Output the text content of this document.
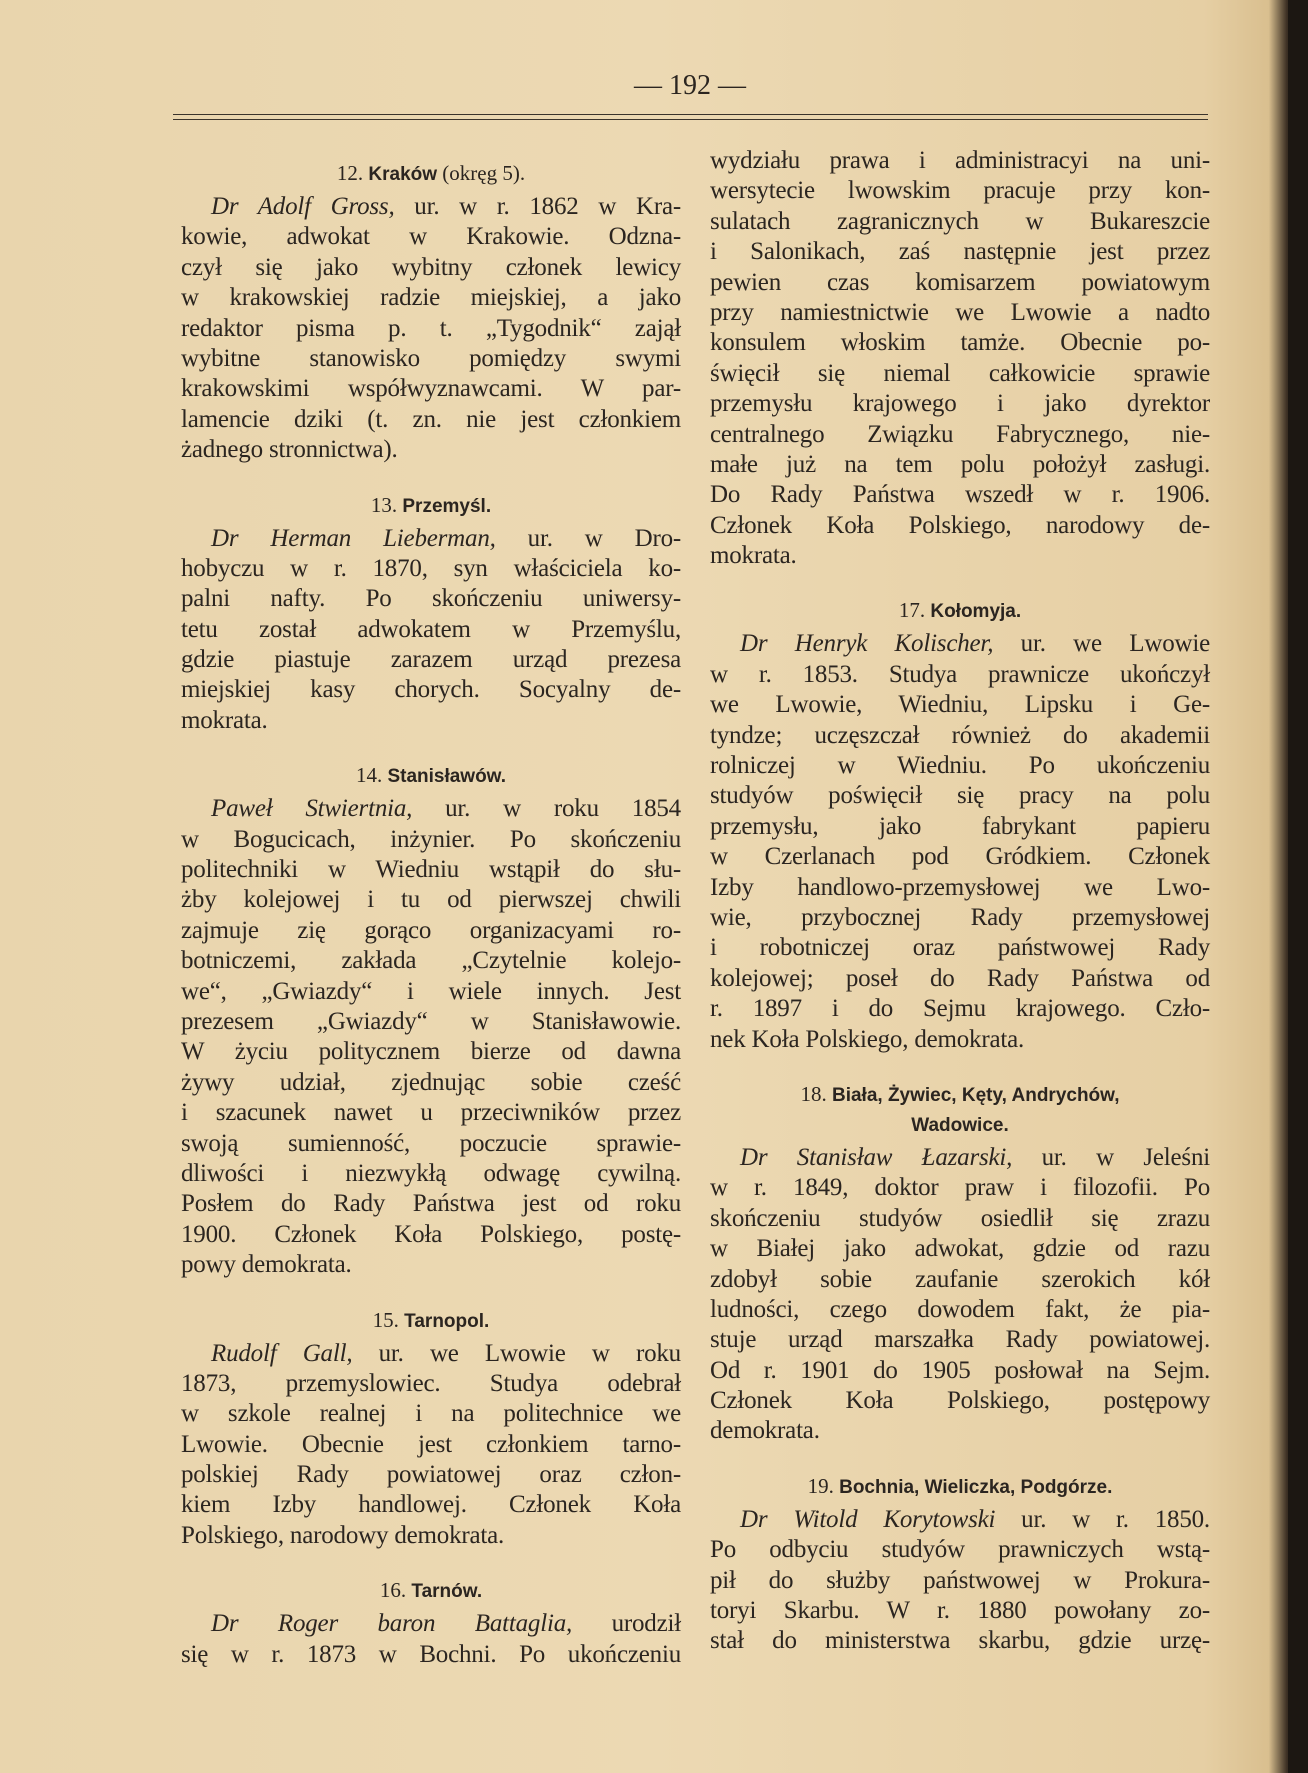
— 192 —
12. Kraków (okręg 5).
Dr Adolf Gross, ur. w r. 1862 w Kra-
kowie, adwokat w Krakowie. Odzna-
czył się jako wybitny członek lewicy
w krakowskiej radzie miejskiej, a jako
redaktor pisma p. t. „Tygodnik“ zajął
wybitne stanowisko pomiędzy swymi
krakowskimi współwyznawcami. W par-
lamencie dziki (t. zn. nie jest członkiem
żadnego stronnictwa).
13. Przemyśl.
Dr Herman Lieberman, ur. w Dro-
hobyczu w r. 1870, syn właściciela ko-
palni nafty. Po skończeniu uniwersy-
tetu został adwokatem w Przemyślu,
gdzie piastuje zarazem urząd prezesa
miejskiej kasy chorych. Socyalny de-
mokrata.
14. Stanisławów.
Paweł Stwiertnia, ur. w roku 1854
w Bogucicach, inżynier. Po skończeniu
politechniki w Wiedniu wstąpił do słu-
żby kolejowej i tu od pierwszej chwili
zajmuje zię gorąco organizacyami ro-
botniczemi, zakłada „Czytelnie kolejo-
we“, „Gwiazdy“ i wiele innych. Jest
prezesem „Gwiazdy“ w Stanisławowie.
W życiu politycznem bierze od dawna
żywy udział, zjednując sobie cześć
i szacunek nawet u przeciwników przez
swoją sumienność, poczucie sprawie-
dliwości i niezwykłą odwagę cywilną.
Posłem do Rady Państwa jest od roku
1900. Członek Koła Polskiego, postę-
powy demokrata.
15. Tarnopol.
Rudolf Gall, ur. we Lwowie w roku
1873, przemyslowiec. Studya odebrał
w szkole realnej i na politechnice we
Lwowie. Obecnie jest członkiem tarno-
polskiej Rady powiatowej oraz człon-
kiem Izby handlowej. Członek Koła
Polskiego, narodowy demokrata.
16. Tarnów.
Dr Roger baron Battaglia, urodził
się w r. 1873 w Bochni. Po ukończeniu
wydziału prawa i administracyi na uni-
wersytecie lwowskim pracuje przy kon-
sulatach zagranicznych w Bukareszcie
i Salonikach, zaś następnie jest przez
pewien czas komisarzem powiatowym
przy namiestnictwie we Lwowie a nadto
konsulem włoskim tamże. Obecnie po-
święcił się niemal całkowicie sprawie
przemysłu krajowego i jako dyrektor
centralnego Związku Fabrycznego, nie-
małe już na tem polu położył zasługi.
Do Rady Państwa wszedł w r. 1906.
Członek Koła Polskiego, narodowy de-
mokrata.
17. Kołomyja.
Dr Henryk Kolischer, ur. we Lwowie
w r. 1853. Studya prawnicze ukończył
we Lwowie, Wiedniu, Lipsku i Ge-
tyndze; uczęszczał również do akademii
rolniczej w Wiedniu. Po ukończeniu
studyów poświęcił się pracy na polu
przemysłu, jako fabrykant papieru
w Czerlanach pod Gródkiem. Członek
Izby handlowo-przemysłowej we Lwo-
wie, przybocznej Rady przemysłowej
i robotniczej oraz państwowej Rady
kolejowej; poseł do Rady Państwa od
r. 1897 i do Sejmu krajowego. Czło-
nek Koła Polskiego, demokrata.
18. Biała, Żywiec, Kęty, Andrychów,
Wadowice.
Dr Stanisław Łazarski, ur. w Jeleśni
w r. 1849, doktor praw i filozofii. Po
skończeniu studyów osiedlił się zrazu
w Białej jako adwokat, gdzie od razu
zdobył sobie zaufanie szerokich kół
ludności, czego dowodem fakt, że pia-
stuje urząd marszałka Rady powiatowej.
Od r. 1901 do 1905 posłował na Sejm.
Członek Koła Polskiego, postępowy
demokrata.
19. Bochnia, Wieliczka, Podgórze.
Dr Witold Korytowski ur. w r. 1850.
Po odbyciu studyów prawniczych wstą-
pił do służby państwowej w Prokura-
toryi Skarbu. W r. 1880 powołany zo-
stał do ministerstwa skarbu, gdzie urzę-
